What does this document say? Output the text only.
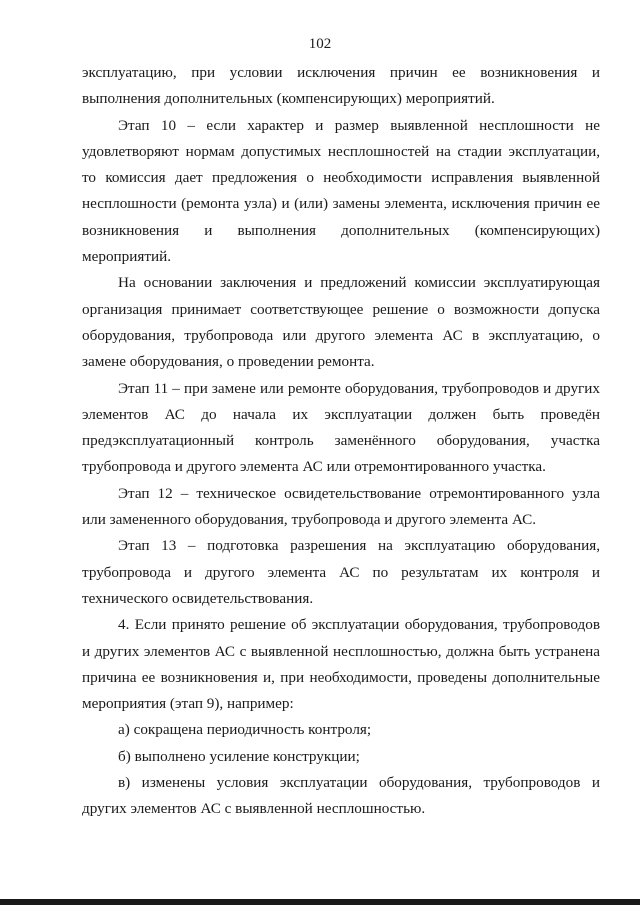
102

эксплуатацию, при условии исключения причин ее возникновения и выполнения дополнительных (компенсирующих) мероприятий.

Этап 10 – если характер и размер выявленной несплошности не удовлетворяют нормам допустимых несплошностей на стадии эксплуатации, то комиссия дает предложения о необходимости исправления выявленной несплошности (ремонта узла) и (или) замены элемента, исключения причин ее возникновения и выполнения дополнительных (компенсирующих) мероприятий.

На основании заключения и предложений комиссии эксплуатирующая организация принимает соответствующее решение о возможности допуска оборудования, трубопровода или другого элемента АС в эксплуатацию, о замене оборудования, о проведении ремонта.

Этап 11 – при замене или ремонте оборудования, трубопроводов и других элементов АС до начала их эксплуатации должен быть проведён предэксплуатационный контроль заменённого оборудования, участка трубопровода и другого элемента АС или отремонтированного участка.

Этап 12 – техническое освидетельствование отремонтированного узла или замененного оборудования, трубопровода и другого элемента АС.

Этап 13 – подготовка разрешения на эксплуатацию оборудования, трубопровода и другого элемента АС по результатам их контроля и технического освидетельствования.

4. Если принято решение об эксплуатации оборудования, трубопроводов и других элементов АС с выявленной несплошностью, должна быть устранена причина ее возникновения и, при необходимости, проведены дополнительные мероприятия (этап 9), например:

а) сокращена периодичность контроля;

б) выполнено усиление конструкции;

в) изменены условия эксплуатации оборудования, трубопроводов и других элементов АС с выявленной несплошностью.
